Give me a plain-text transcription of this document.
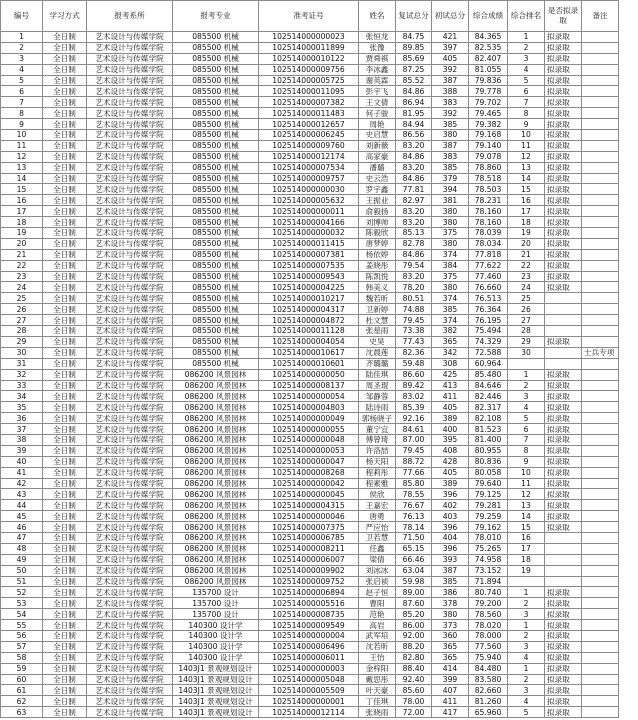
编号	学习方式	报考系所	报考专业	准考证号	姓名	复试总分	初试总分	综合成绩	综合排名	是否拟录取	备注
1	全日制	艺术设计与传媒学院	085500 机械	102514000000023	张恒龙	84.75	421	84.365	1	拟录取	
2	全日制	艺术设计与传媒学院	085500 机械	102514000011899	张豫	89.85	397	82.535	2	拟录取	
3	全日制	艺术设计与传媒学院	085500 机械	102514000010122	贾舜祺	85.69	405	82.407	3	拟录取	
4	全日制	艺术设计与传媒学院	085500 机械	102514000009756	李冰鑫	87.25	392	81.055	4	拟录取	
5	全日制	艺术设计与传媒学院	085500 机械	102514000005725	谢英霖	85.52	387	79.836	5	拟录取	
6	全日制	艺术设计与传媒学院	085500 机械	102514000011095	彭宇飞	84.86	388	79.778	6	拟录取	
7	全日制	艺术设计与传媒学院	085500 机械	102514000007382	王文倩	86.94	383	79.702	7	拟录取	
8	全日制	艺术设计与传媒学院	085500 机械	102514000011483	何子骏	81.95	392	79.465	8	拟录取	
9	全日制	艺术设计与传媒学院	085500 机械	102514000012657	周艳	84.94	385	79.382	9	拟录取	
10	全日制	艺术设计与传媒学院	085500 机械	102514000006245	史启慧	86.56	380	79.168	10	拟录取	
11	全日制	艺术设计与传媒学院	085500 机械	102514000009760	刘新薇	83.20	387	79.140	11	拟录取	
12	全日制	艺术设计与传媒学院	085500 机械	102514000012174	高家豪	84.86	383	79.078	12	拟录取	
13	全日制	艺术设计与传媒学院	085500 机械	102514000007534	潘璐	83.20	385	78.860	13	拟录取	
14	全日制	艺术设计与传媒学院	085500 机械	102514000009757	史云浩	84.86	379	78.518	14	拟录取	
15	全日制	艺术设计与传媒学院	085500 机械	102514000000030	罗宇鑫	77.81	394	78.503	15	拟录取	
16	全日制	艺术设计与传媒学院	085500 机械	102514000005632	王振业	82.97	381	78.231	16	拟录取	
17	全日制	艺术设计与传媒学院	085500 机械	102514000000011	俞毅扬	83.20	380	78.160	17	拟录取	
18	全日制	艺术设计与传媒学院	085500 机械	102514000004166	刘博帅	83.20	380	78.160	18	拟录取	
19	全日制	艺术设计与传媒学院	085500 机械	102514000000032	陈毅欣	85.13	375	78.039	19	拟录取	
20	全日制	艺术设计与传媒学院	085500 机械	102514000011415	唐梦婷	82.78	380	78.034	20	拟录取	
21	全日制	艺术设计与传媒学院	085500 机械	102514000007381	杨依婷	84.86	374	77.818	21	拟录取	
22	全日制	艺术设计与传媒学院	085500 机械	102514000007535	姜晓彤	79.54	384	77.622	22	拟录取	
23	全日制	艺术设计与传媒学院	085500 机械	102514000009543	陈凯悦	83.20	375	77.460	23	拟录取	
24	全日制	艺术设计与传媒学院	085500 机械	102514000004225	韩美义	78.20	380	76.660	24	拟录取	
25	全日制	艺术设计与传媒学院	085500 机械	102514000010217	魏若昕	80.51	374	76.513	25		
26	全日制	艺术设计与传媒学院	085500 机械	102514000004317	卫新婷	74.88	385	76.364	26		
27	全日制	艺术设计与传媒学院	085500 机械	102514000004872	杜文慧	79.45	374	76.195	27		
28	全日制	艺术设计与传媒学院	085500 机械	102514000011128	张星雨	73.38	382	75.494	28		
29	全日制	艺术设计与传媒学院	085500 机械	102514000004054	史昊	77.43	365	74.329	29	拟录取	
30	全日制	艺术设计与传媒学院	085500 机械	102514000010617	沈晨莲	82.36	342	72.588	30		士兵专项
31	全日制	艺术设计与传媒学院	085500 机械	102514000010601	齐璐璐	59.48	308	60.964			
32	全日制	艺术设计与传媒学院	086200 风景园林	102514000000050	陆佳琪	86.60	425	85.480	1	拟录取	
33	全日制	艺术设计与传媒学院	086200 风景园林	102514000008137	周圣琨	89.42	413	84.646	2	拟录取	
34	全日制	艺术设计与传媒学院	086200 风景园林	102514000000054	邹静蓉	83.02	411	82.446	3	拟录取	
35	全日制	艺术设计与传媒学院	086200 风景园林	102514000004803	陆诗雨	85.39	405	82.317	4	拟录取	
36	全日制	艺术设计与传媒学院	086200 风景园林	102514000000049	郭杨晓子	92.16	389	82.108	5	拟录取	
37	全日制	艺术设计与传媒学院	086200 风景园林	102514000000055	董宁宜	84.61	400	81.523	6	拟录取	
38	全日制	艺术设计与传媒学院	086200 风景园林	102514000000048	傅曾琦	87.00	395	81.400	7	拟录取	
39	全日制	艺术设计与传媒学院	086200 风景园林	102514000000053	许洛喆	79.45	408	80.955	8	拟录取	
40	全日制	艺术设计与传媒学院	086200 风景园林	102514000000047	杨天阳	88.72	428	80.836	9	拟录取	
41	全日制	艺术设计与传媒学院	086200 风景园林	102514000008268	程莉彤	77.66	405	80.058	10	拟录取	
42	全日制	艺术设计与传媒学院	086200 风景园林	102514000000042	程素雅	85.80	389	79.640	11	拟录取	
43	全日制	艺术设计与传媒学院	086200 风景园林	102514000000045	侯欣	78.55	396	79.125	12	拟录取	
44	全日制	艺术设计与传媒学院	086200 风景园林	102514000004315	王嘉宏	76.67	402	79.281	13	拟录取	
45	全日制	艺术设计与传媒学院	086200 风景园林	102514000000046	唐勇	76.13	403	79.259	14	拟录取	
46	全日制	艺术设计与传媒学院	086200 风景园林	102514000007375	严应怡	78.14	396	79.162	15	拟录取	
47	全日制	艺术设计与传媒学院	086200 风景园林	102514000006785	卫若慧	71.50	404	78.010	16		
48	全日制	艺术设计与传媒学院	086200 风景园林	102514000008211	任鑫	65.15	396	75.265	17		
49	全日制	艺术设计与传媒学院	086200 风景园林	102514000006007	梁倩	66.46	393	74.958	18		
50	全日制	艺术设计与传媒学院	086200 风景园林	102514000009902	刘冰冰	63.04	387	73.152	19		
51	全日制	艺术设计与传媒学院	086200 风景园林	102514000009752	张启祯	59.98	385	71.894			
52	全日制	艺术设计与传媒学院	135700 设计	102514000006894	赵子恒	89.00	386	80.740	1	拟录取	
53	全日制	艺术设计与传媒学院	135700 设计	102514000005516	曹阳	87.60	378	79.200	2	拟录取	
54	全日制	艺术设计与传媒学院	135700 设计	102514000008735	范艳	85.20	380	78.560	3	拟录取	
55	全日制	艺术设计与传媒学院	140300 设计学	102514000009549	高岩	86.00	373	78.020	1	拟录取	
56	全日制	艺术设计与传媒学院	140300 设计学	102514000000004	武军培	92.00	360	78.000	2	拟录取	
57	全日制	艺术设计与传媒学院	140300 设计学	102514000006496	沈若昕	88.20	365	77.560	3	拟录取	
58	全日制	艺术设计与传媒学院	140300 设计学	102514000006011	王怡	82.80	365	75.940	4	拟录取	
59	全日制	艺术设计与传媒学院	1403J1 景观规划设计	102514000000003	金梓阳	88.40	414	84.480	1	拟录取	
60	全日制	艺术设计与传媒学院	1403J1 景观规划设计	102514000005048	戴思彤	92.40	399	83.580	2	拟录取	
61	全日制	艺术设计与传媒学院	1403J1 景观规划设计	102514000005509	叶天豪	85.60	407	82.660	3	拟录取	
62	全日制	艺术设计与传媒学院	1403J1 景观规划设计	102514000000001	丁佳琪	78.00	411	81.260	4	拟录取	
63	全日制	艺术设计与传媒学院	1403J1 景观规划设计	102514000012114	张晓雨	72.00	417	65.960	5	拟录取	
